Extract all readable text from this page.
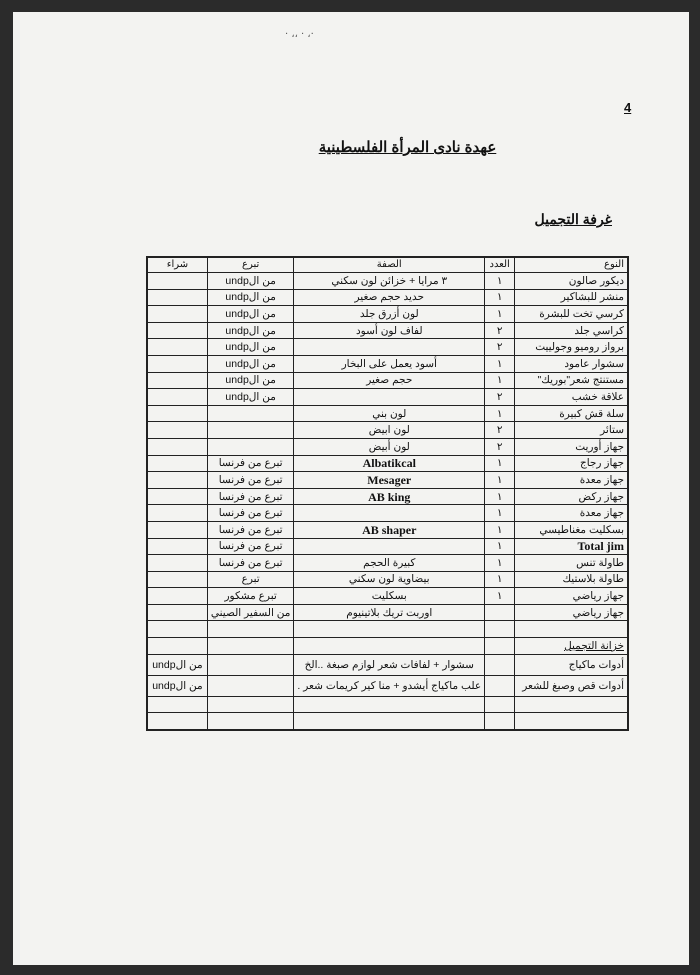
· ،، · ،·
4
عهدة نادى المرأة الفلسطينية
غرفة التجميل
النوع	العدد	الصفة	تبرع	شراء
ديكور صالون	١	٣ مرايا + خزائن لون سكني	من الundp	
منشر للبشاكير	١	حديد حجم صغير	من الundp	
كرسي تخت للبشرة	١	لون أزرق جلد	من الundp	
كراسي جلد	٢	لفاف لون أسود	من الundp	
برواز روميو وجولييت	٢		من الundp	
سشوار عامود	١	أسود يعمل على البخار	من الundp	
مستنتج شعر"بوريك"	١	حجم صغير	من الundp	
علاقة خشب	٢		من الundp	
سلة قش كبيرة	١	لون بني		
ستائر	٢	لون ابيض		
جهاز أوريت	٢	لون أبيض		
جهاز رجاج	١	Albatikcal	تبرع من فرنسا	
جهاز معدة	١	Mesager	تبرع من فرنسا	
جهاز ركض	١	AB king	تبرع من فرنسا	
جهاز معدة	١		تبرع من فرنسا	
بسكليت مغناطيسي	١	AB shaper	تبرع من فرنسا	
Total jim	١		تبرع من فرنسا	
طاولة تنس	١	كبيرة الحجم	تبرع من فرنسا	
طاولة بلاستيك	١	بيضاوية لون سكني	تبرع	
جهاز رياضي	١	بسكليت	تبرع مشكور	
جهاز رياضي		اوربت تريك بلاتينيوم	من السفير الصيني	

خزانة التجميل				
أدوات ماكياج		سشوار + لفافات شعر لوازم صبغة ..الخ		من الundp
أدوات قص وصبغ للشعر		علب ماكياج أيشدو + منا كير كريمات شعر .		من الundp
